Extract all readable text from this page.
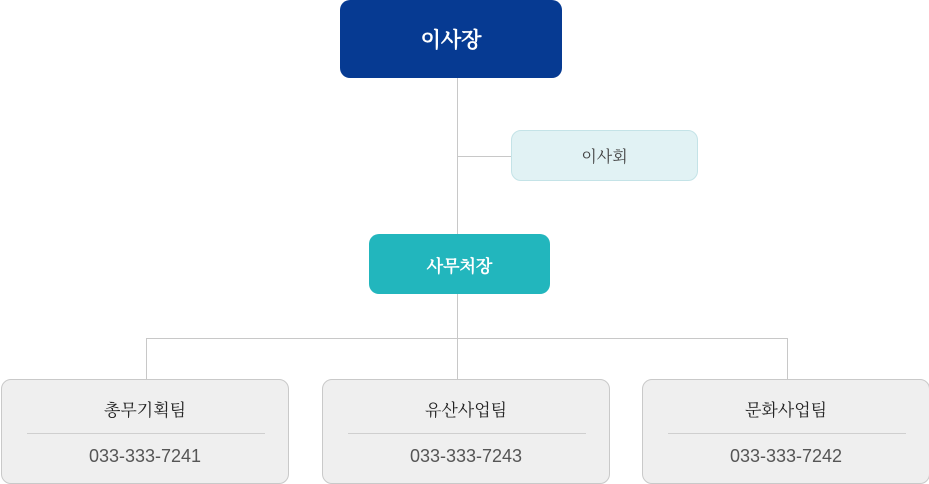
이사장
이사회
사무처장
총무기획팀
033-333-7241
유산사업팀
033-333-7243
문화사업팀
033-333-7242
